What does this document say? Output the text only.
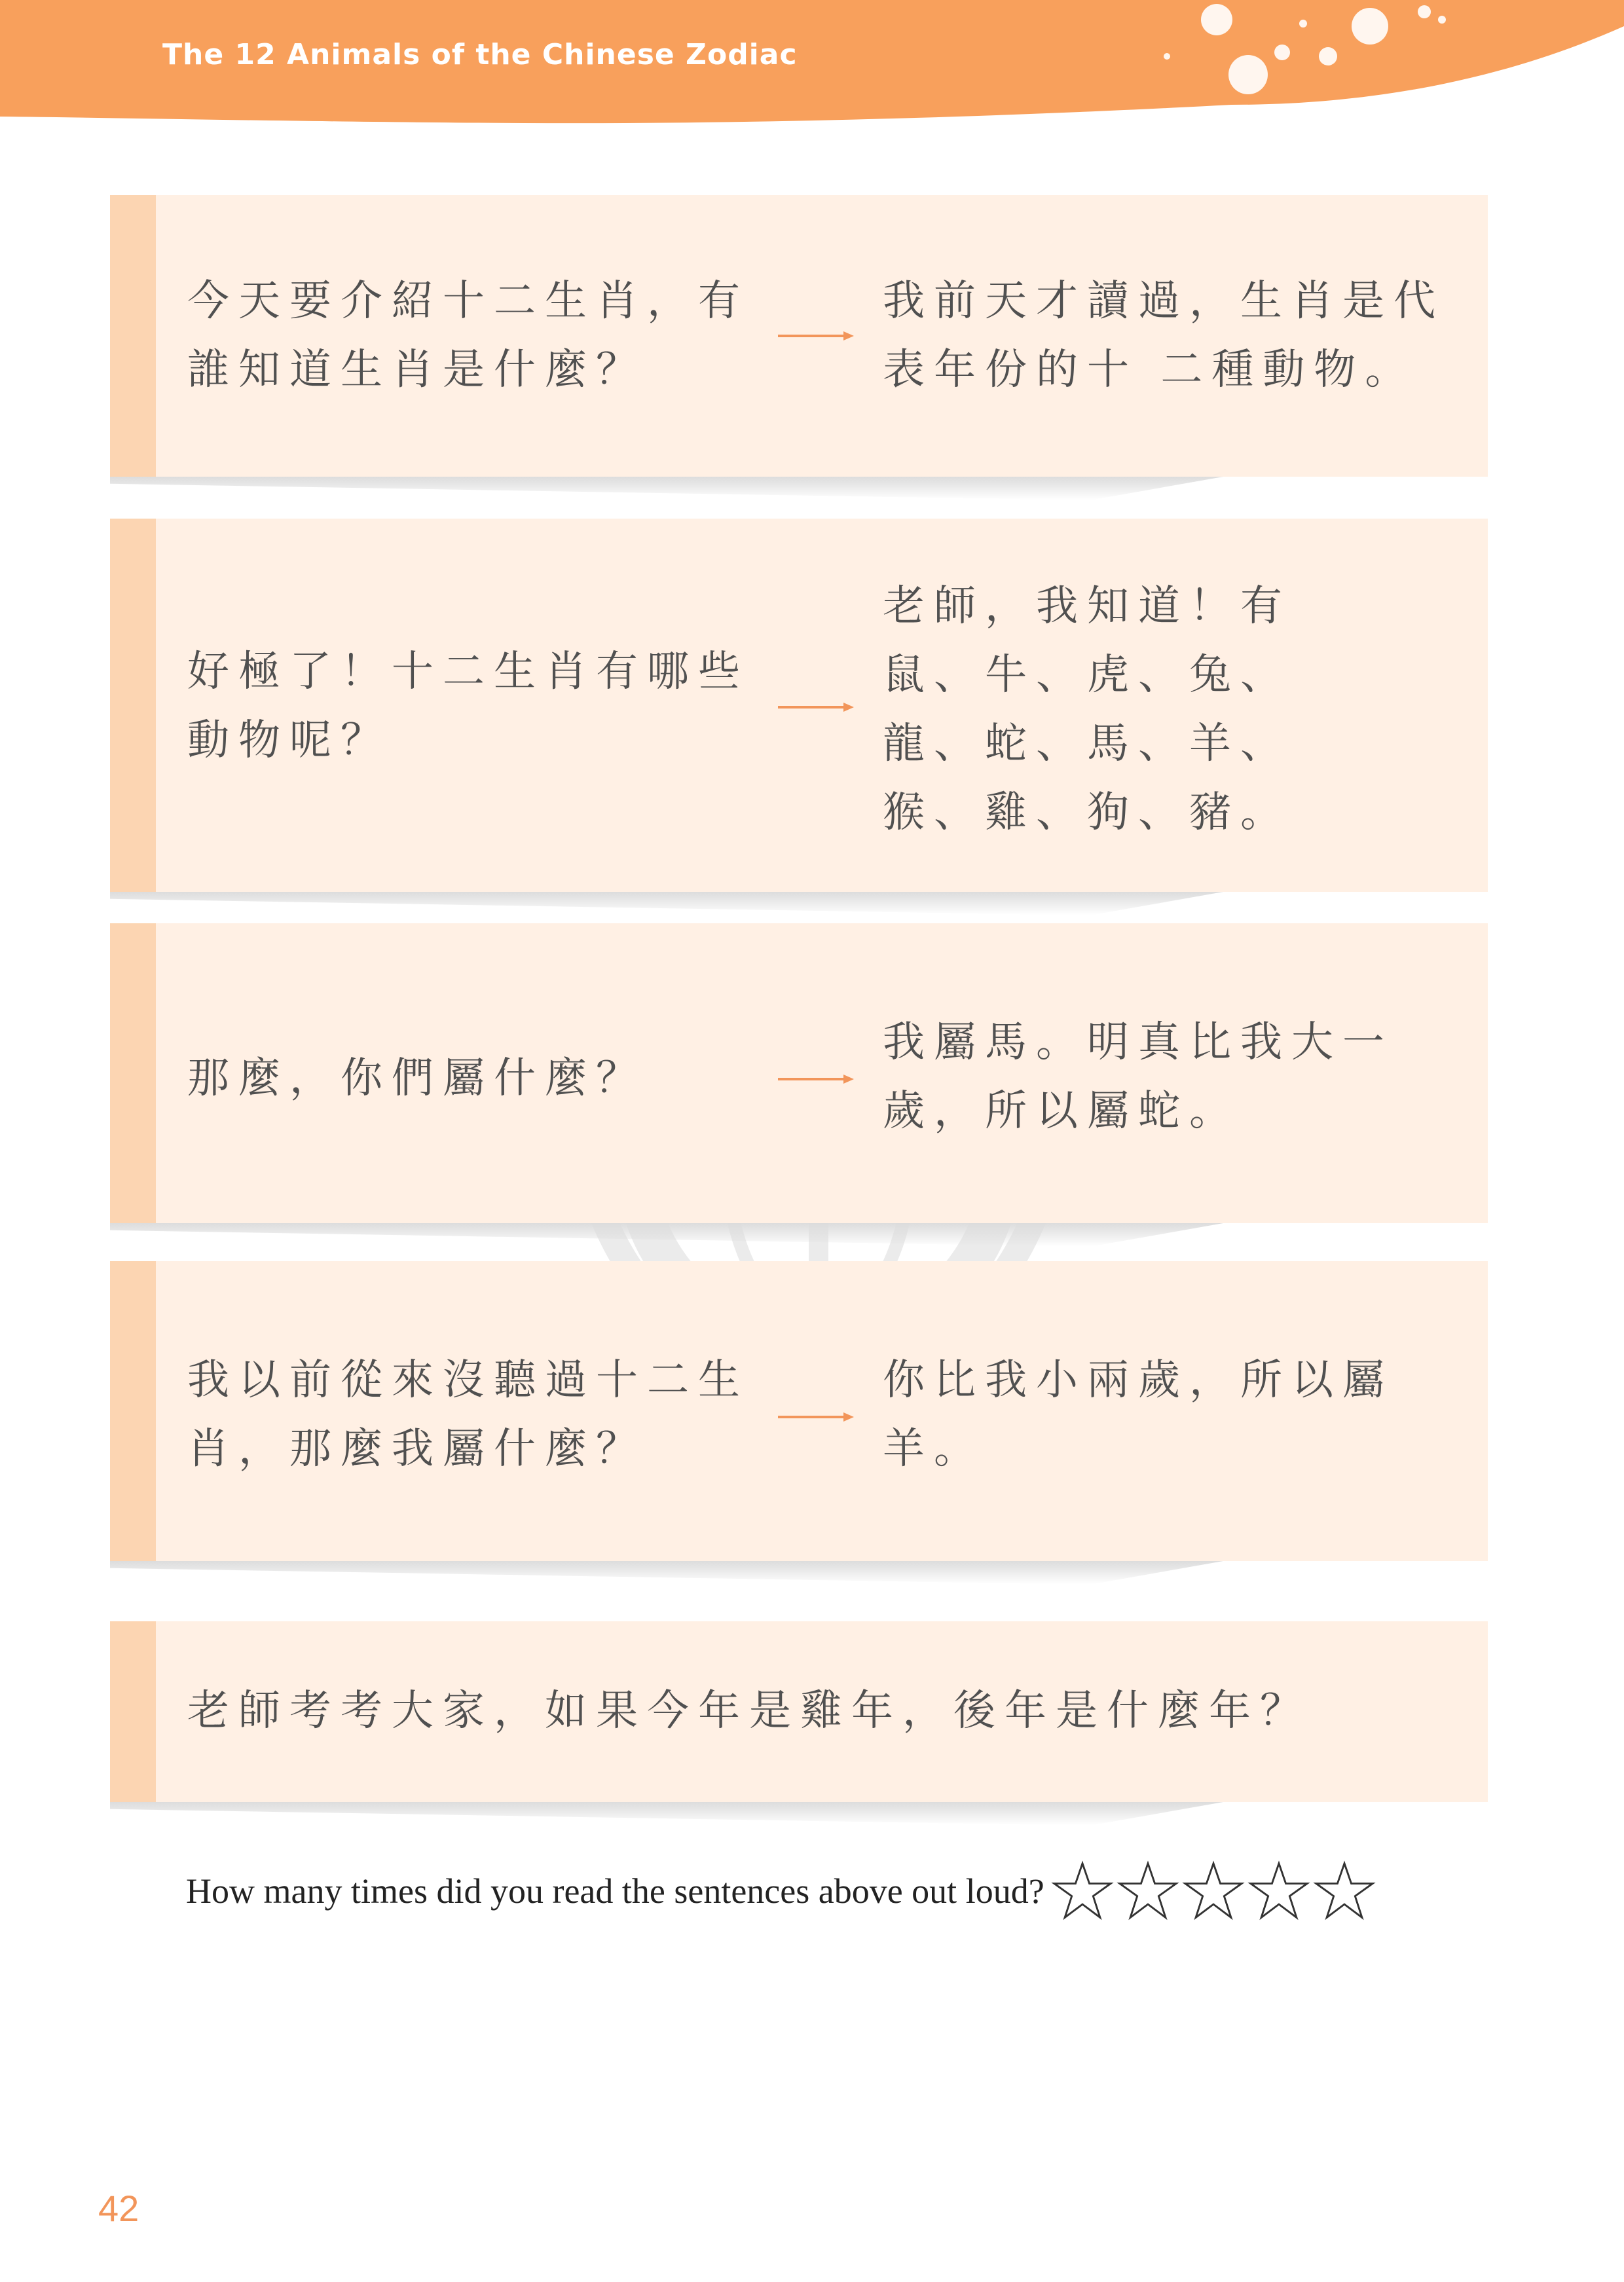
The 12 Animals of the Chinese Zodiac
今天要介紹十二生肖，有誰知道生肖是什麼？
我前天才讀過，生肖是代表年份的十 二種動物。
好極了！十二生肖有哪些動物呢？
老師，我知道！有鼠、牛、虎、兔、龍、蛇、馬、羊、猴、雞、狗、豬。
那麼，你們屬什麼？
我屬馬。明真比我大一歲，所以屬蛇。
我以前從來沒聽過十二生肖，那麼我屬什麼？
你比我小兩歲，所以屬羊。
老師考考大家，如果今年是雞年，後年是什麼年？
How many times did you read the sentences above out loud?
42
